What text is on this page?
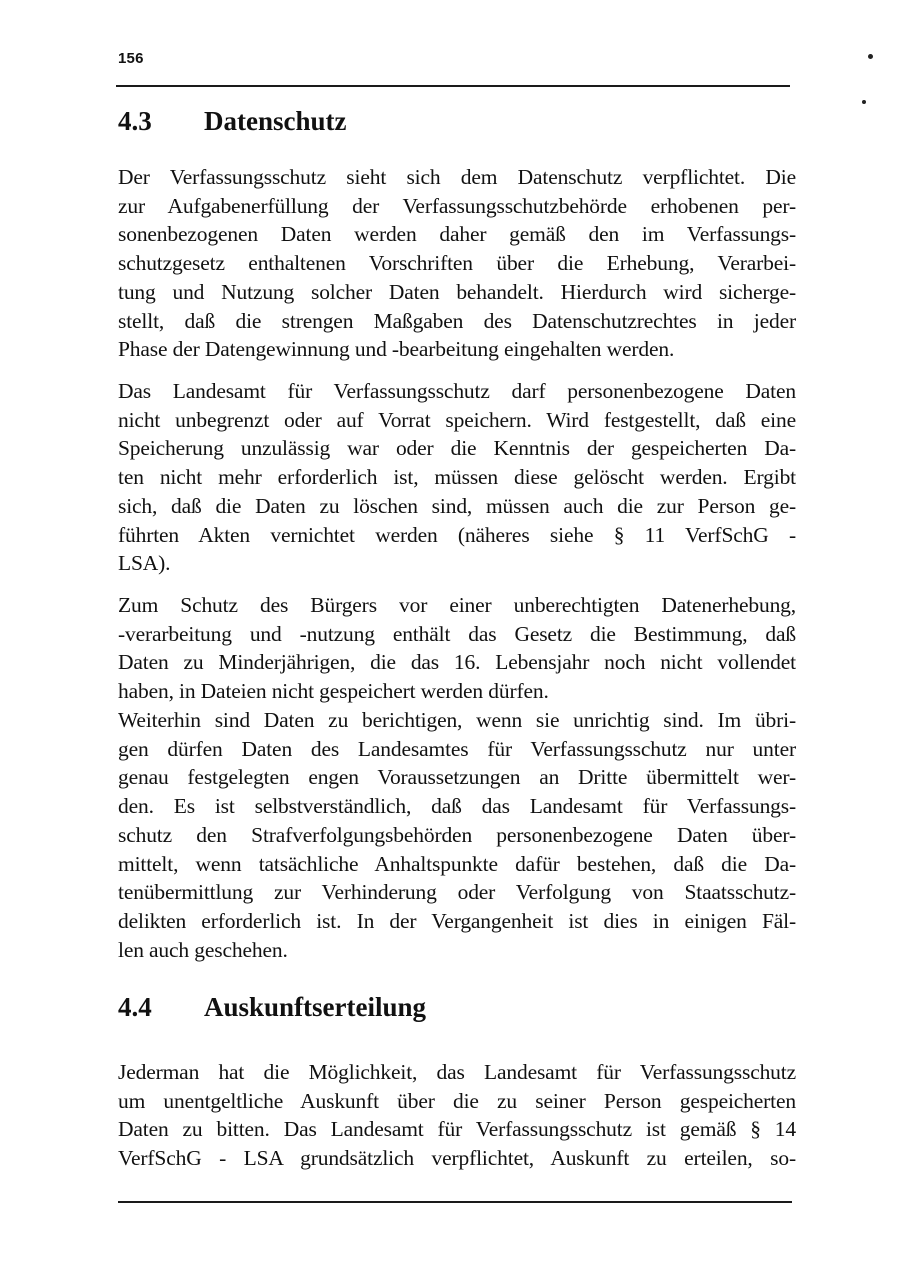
156
4.3 Datenschutz

Der Verfassungsschutz sieht sich dem Datenschutz verpflichtet. Die
zur Aufgabenerfüllung der Verfassungsschutzbehörde erhobenen per-
sonenbezogenen Daten werden daher gemäß den im Verfassungs-
schutzgesetz enthaltenen Vorschriften über die Erhebung, Verarbei-
tung und Nutzung solcher Daten behandelt. Hierdurch wird sicherge-
stellt, daß die strengen Maßgaben des Datenschutzrechtes in jeder
Phase der Datengewinnung und -bearbeitung eingehalten werden.

Das Landesamt für Verfassungsschutz darf personenbezogene Daten
nicht unbegrenzt oder auf Vorrat speichern. Wird festgestellt, daß eine
Speicherung unzulässig war oder die Kenntnis der gespeicherten Da-
ten nicht mehr erforderlich ist, müssen diese gelöscht werden. Ergibt
sich, daß die Daten zu löschen sind, müssen auch die zur Person ge-
führten Akten vernichtet werden (näheres siehe § 11 VerfSchG -
LSA).

Zum Schutz des Bürgers vor einer unberechtigten Datenerhebung,
-verarbeitung und -nutzung enthält das Gesetz die Bestimmung, daß
Daten zu Minderjährigen, die das 16. Lebensjahr noch nicht vollendet
haben, in Dateien nicht gespeichert werden dürfen.

Weiterhin sind Daten zu berichtigen, wenn sie unrichtig sind. Im übri-
gen dürfen Daten des Landesamtes für Verfassungsschutz nur unter
genau festgelegten engen Voraussetzungen an Dritte übermittelt wer-
den. Es ist selbstverständlich, daß das Landesamt für Verfassungs-
schutz den Strafverfolgungsbehörden personenbezogene Daten über-
mittelt, wenn tatsächliche Anhaltspunkte dafür bestehen, daß die Da-
tenübermittlung zur Verhinderung oder Verfolgung von Staatsschutz-
delikten erforderlich ist. In der Vergangenheit ist dies in einigen Fäl-
len auch geschehen.

4.4 Auskunftserteilung

Jederman hat die Möglichkeit, das Landesamt für Verfassungsschutz
um unentgeltliche Auskunft über die zu seiner Person gespeicherten
Daten zu bitten. Das Landesamt für Verfassungsschutz ist gemäß § 14
VerfSchG - LSA grundsätzlich verpflichtet, Auskunft zu erteilen, so-
